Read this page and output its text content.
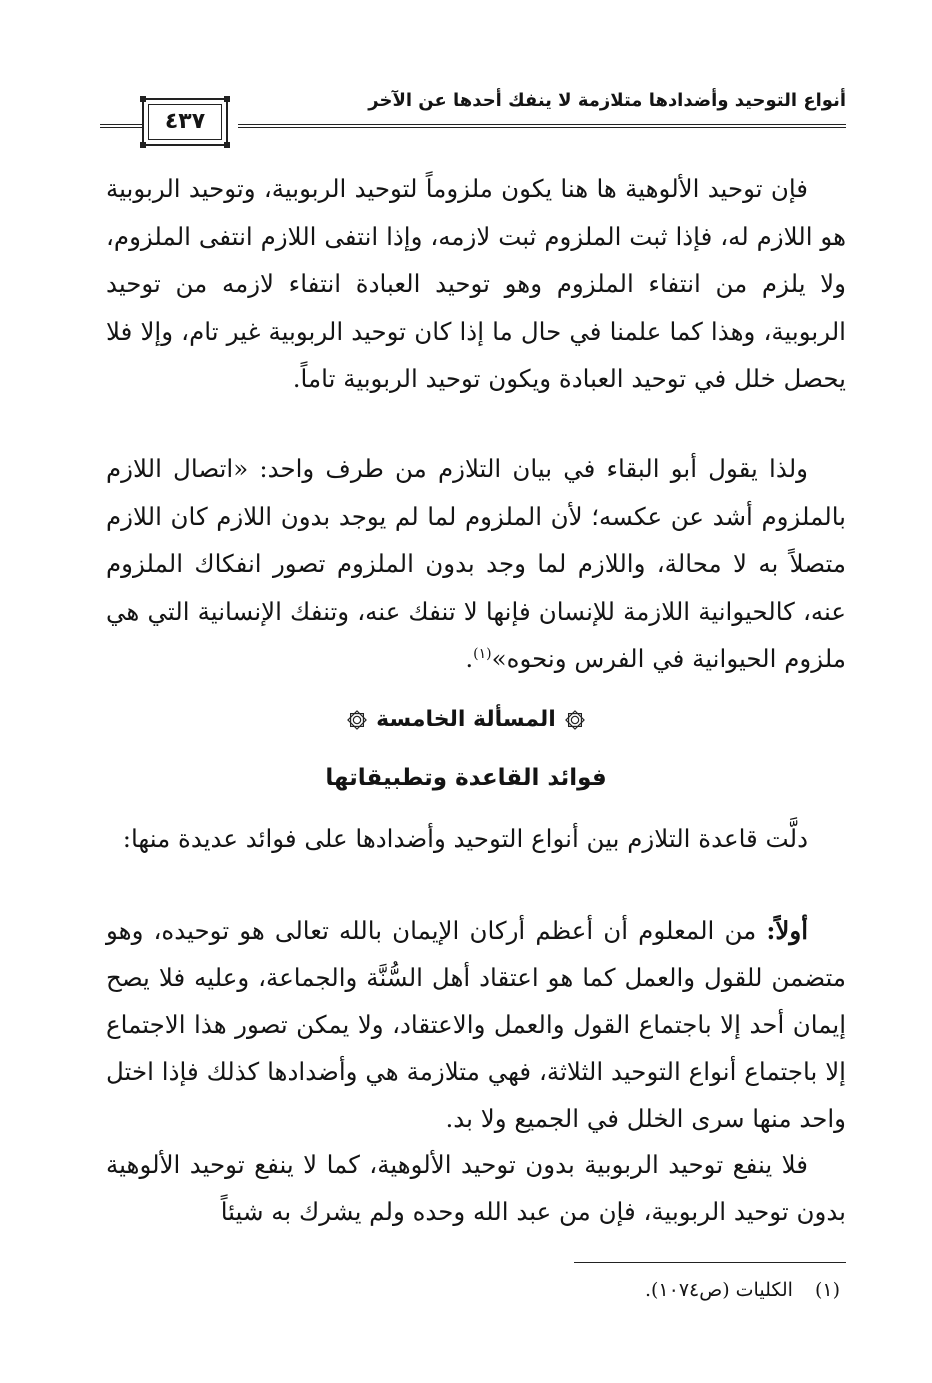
أنواع التوحيد وأضدادها متلازمة لا ينفك أحدها عن الآخر
٤٣٧

فإن توحيد الألوهية ها هنا يكون ملزوماً لتوحيد الربوبية، وتوحيد الربوبية هو اللازم له، فإذا ثبت الملزوم ثبت لازمه، وإذا انتفى اللازم انتفى الملزوم، ولا يلزم من انتفاء الملزوم وهو توحيد العبادة انتفاء لازمه من توحيد الربوبية، وهذا كما علمنا في حال ما إذا كان توحيد الربوبية غير تام، وإلا فلا يحصل خلل في توحيد العبادة ويكون توحيد الربوبية تاماً.

ولذا يقول أبو البقاء في بيان التلازم من طرف واحد: «اتصال اللازم بالملزوم أشد عن عكسه؛ لأن الملزوم لما لم يوجد بدون اللازم كان اللازم متصلاً به لا محالة، واللازم لما وجد بدون الملزوم تصور انفكاك الملزوم عنه، كالحيوانية اللازمة للإنسان فإنها لا تنفك عنه، وتنفك الإنسانية التي هي ملزوم الحيوانية في الفرس ونحوه»$^{(١)}$.

المسألة الخامسة
فوائد القاعدة وتطبيقاتها

دلَّت قاعدة التلازم بين أنواع التوحيد وأضدادها على فوائد عديدة منها:

أولاً: من المعلوم أن أعظم أركان الإيمان بالله تعالى هو توحيده، وهو متضمن للقول والعمل كما هو اعتقاد أهل السُّنَّة والجماعة، وعليه فلا يصح إيمان أحد إلا باجتماع القول والعمل والاعتقاد، ولا يمكن تصور هذا الاجتماع إلا باجتماع أنواع التوحيد الثلاثة، فهي متلازمة هي وأضدادها كذلك فإذا اختل واحد منها سرى الخلل في الجميع ولا بد.

فلا ينفع توحيد الربوبية بدون توحيد الألوهية، كما لا ينفع توحيد الألوهية بدون توحيد الربوبية، فإن من عبد الله وحده ولم يشرك به شيئاً

(١)الكليات (ص١٠٧٤).
